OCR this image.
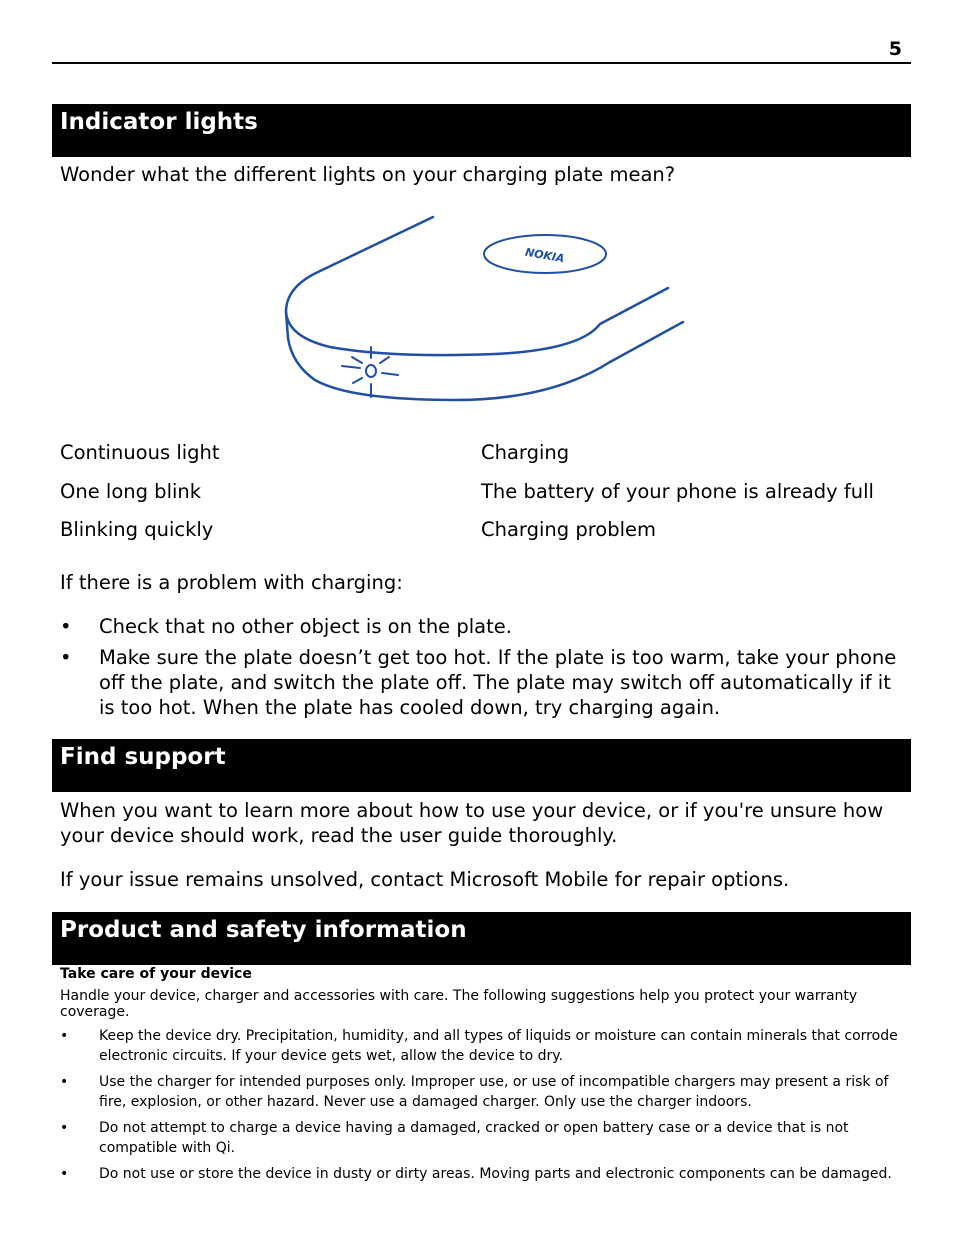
5
Indicator lights
Wonder what the different lights on your charging plate mean?
NOKIA
Continuous light	Charging
One long blink	The battery of your phone is already full
Blinking quickly	Charging problem
If there is a problem with charging:
• Check that no other object is on the plate.
• Make sure the plate doesn’t get too hot. If the plate is too warm, take your phone off the plate, and switch the plate off. The plate may switch off automatically if it is too hot. When the plate has cooled down, try charging again.
Find support
When you want to learn more about how to use your device, or if you're unsure how your device should work, read the user guide thoroughly.
If your issue remains unsolved, contact Microsoft Mobile for repair options.
Product and safety information
Take care of your device
Handle your device, charger and accessories with care. The following suggestions help you protect your warranty coverage.
• Keep the device dry. Precipitation, humidity, and all types of liquids or moisture can contain minerals that corrode electronic circuits. If your device gets wet, allow the device to dry.
• Use the charger for intended purposes only. Improper use, or use of incompatible chargers may present a risk of fire, explosion, or other hazard. Never use a damaged charger. Only use the charger indoors.
• Do not attempt to charge a device having a damaged, cracked or open battery case or a device that is not compatible with Qi.
• Do not use or store the device in dusty or dirty areas. Moving parts and electronic components can be damaged.
